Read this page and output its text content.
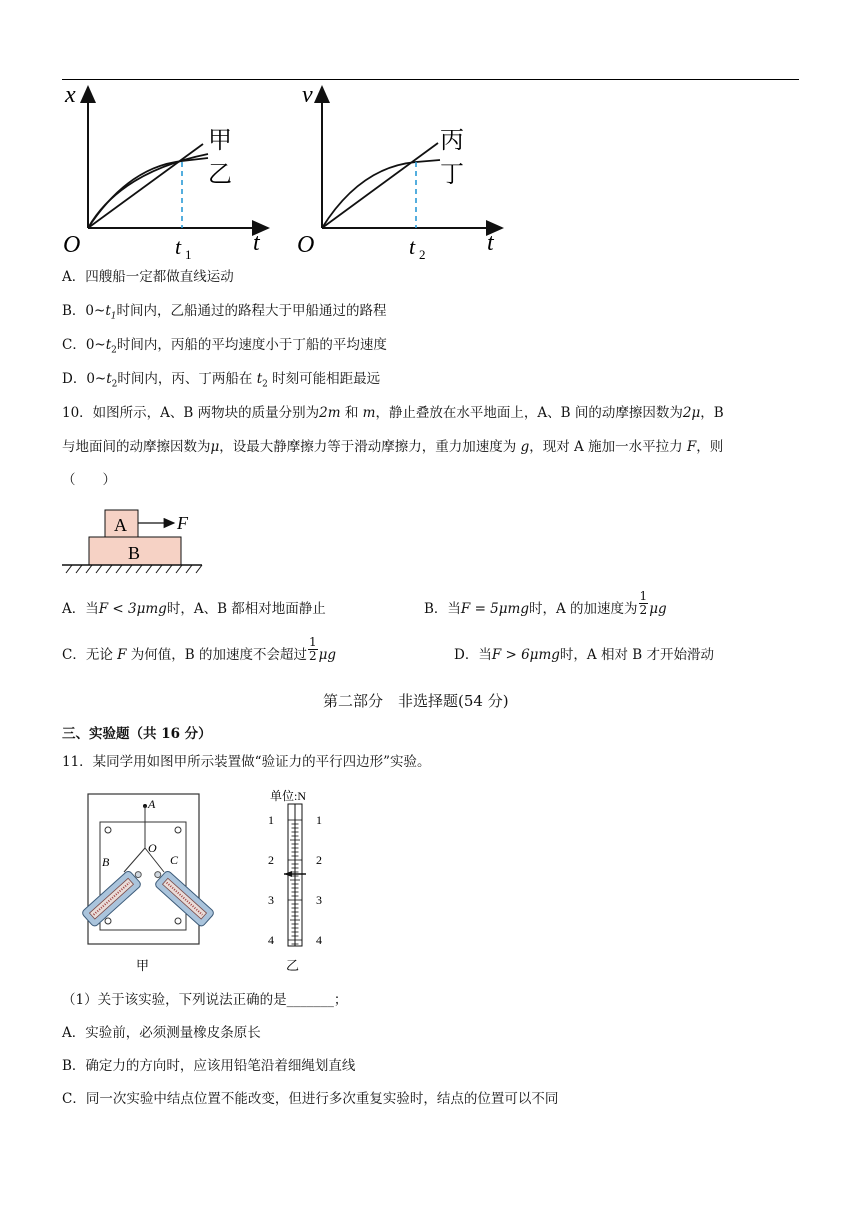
x
t
O	t 1
甲
乙
v
t
O	t 2
丙
丁
A．四艘船一定都做直线运动
B．$0\sim t_1$时间内，乙船通过的路程大于甲船通过的路程
C．$0\sim t_2$时间内，丙船的平均速度小于丁船的平均速度
D．$0\sim t_2$时间内，丙、丁两船在 $t_2$ 时刻可能相距最远
10．如图所示，A、B 两物块的质量分别为2m 和 m，静止叠放在水平地面上，A、B 间的动摩擦因数为2μ，B
与地面间的动摩擦因数为μ，设最大静摩擦力等于滑动摩擦力，重力加速度为 g，现对 A 施加一水平拉力 F，则
（　　）
A
B
F
A．当F < 3μmg时，A、B 都相对地面静止	B．当F = 5μmg时，A 的加速度为 $\frac{1}{2}$ μg
C．无论 F 为何值，B 的加速度不会超过 $\frac{1}{2}$ μg	D．当F > 6μmg时，A 相对 B 才开始滑动
第二部分　非选择题(54 分)
三、实验题（共 16 分）
11．某同学用如图甲所示装置做“验证力的平行四边形”实验。
A
B	C
O
甲
单位:N
1
2
3
4
1
2
3
4
乙
（1）关于该实验，下列说法正确的是_______；
A．实验前，必须测量橡皮条原长
B．确定力的方向时，应该用铅笔沿着细绳划直线
C．同一次实验中结点位置不能改变，但进行多次重复实验时，结点的位置可以不同
